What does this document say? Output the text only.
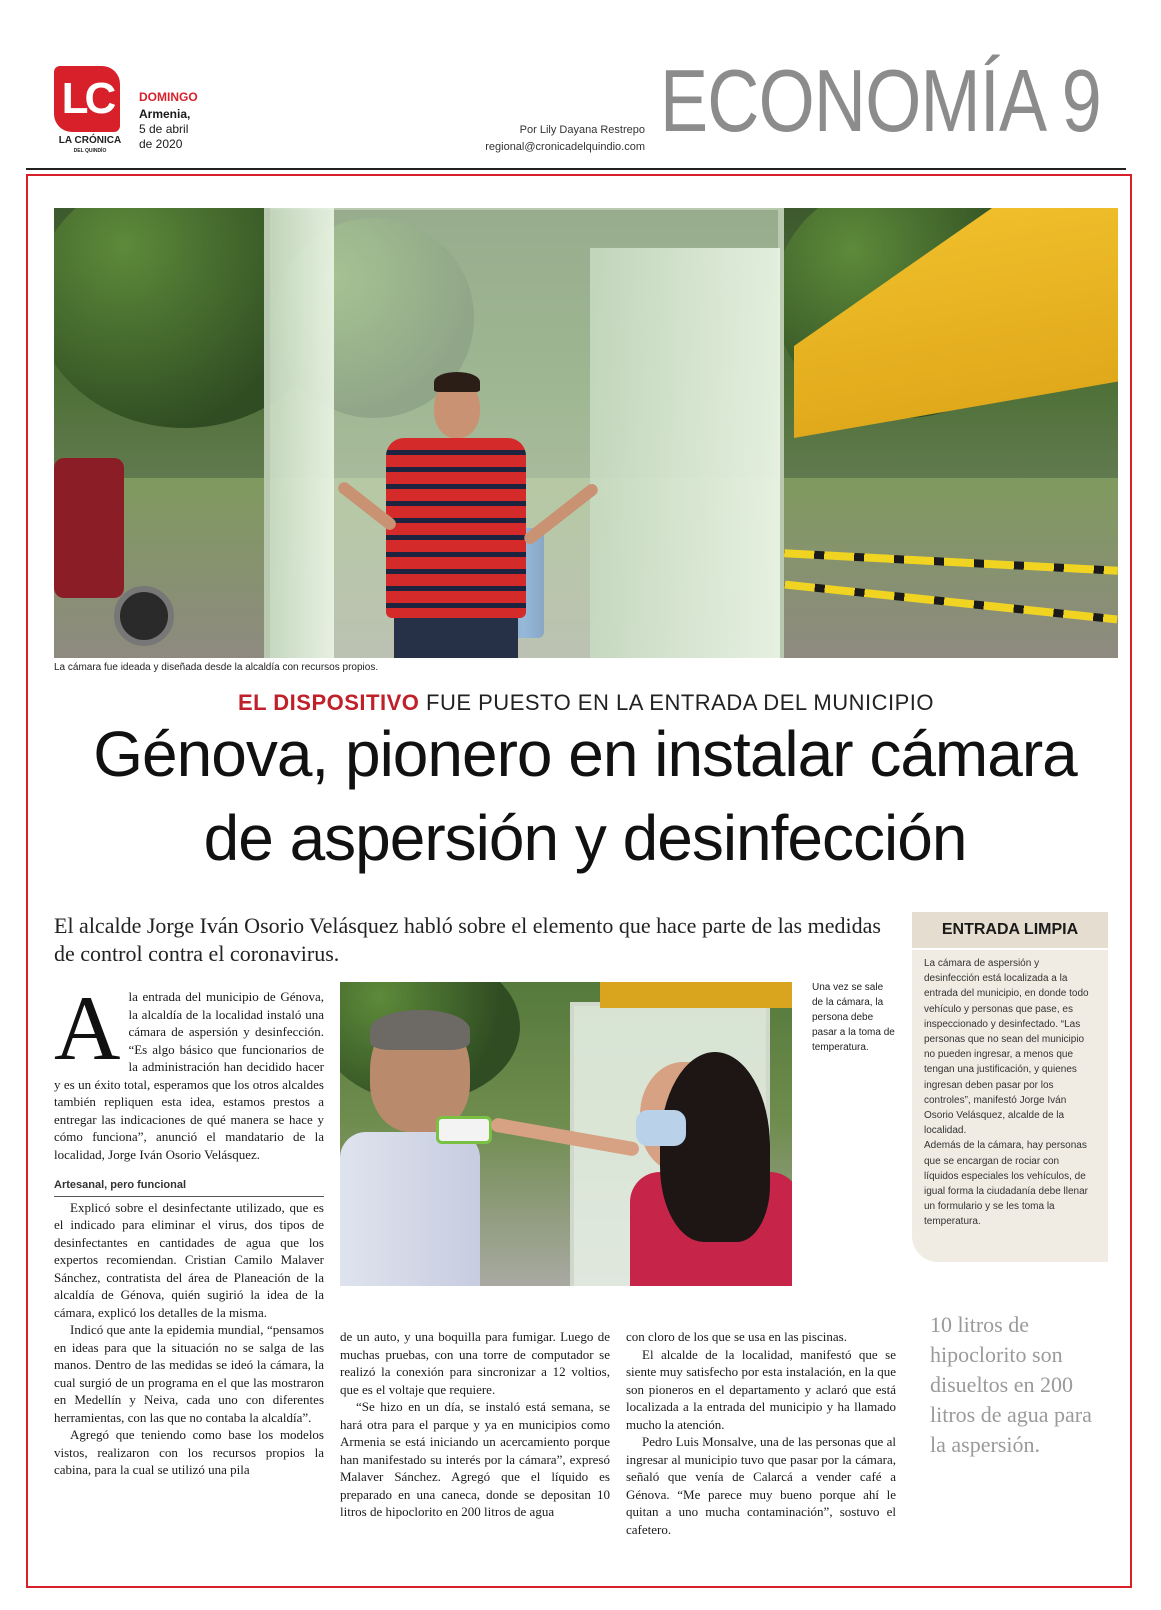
LC
LA CRÓNICA
DEL QUINDÍO
DOMINGO
Armenia,
5 de abril
de 2020
Por Lily Dayana Restrepo
regional@cronicadelquindio.com ECONOMÍA 9
La cámara fue ideada y diseñada desde la alcaldía con recursos propios.
EL DISPOSITIVO FUE PUESTO EN LA ENTRADA DEL MUNICIPIO
Génova, pionero en instalar cámara
de aspersión y desinfección
El alcalde Jorge Iván Osorio Velásquez habló sobre el elemento que hace parte de las medidas de control contra el coronavirus.
ENTRADA LIMPIA

La cámara de aspersión y desinfección está localizada a la entrada del municipio, en donde todo vehículo y personas que pase, es inspeccionado y desinfectado. “Las personas que no sean del municipio no pueden ingresar, a menos que tengan una justificación, y quienes ingresan deben pasar por los controles”, manifestó Jorge Iván Osorio Velásquez, alcalde de la localidad.

Además de la cámara, hay personas que se encargan de rociar con líquidos especiales los vehículos, de igual forma la ciudadanía debe llenar un formulario y se les toma la temperatura.

10 litros de hipoclorito son disueltos en 200 litros de agua para la aspersión.
Una vez se sale de la cámara, la persona debe pasar a la toma de temperatura.
A la entrada del municipio de Génova, la alcaldía de la localidad instaló una cámara de aspersión y desinfección. “Es algo básico que funcionarios de la administración han decidido hacer y es un éxito total, esperamos que los otros alcaldes también repliquen esta idea, estamos prestos a entregar las indicaciones de qué manera se hace y cómo funciona”, anunció el mandatario de la localidad, Jorge Iván Osorio Velásquez.

Artesanal, pero funcional

Explicó sobre el desinfectante utilizado, que es el indicado para eliminar el virus, dos tipos de desinfectantes en cantidades de agua que los expertos recomiendan. Cristian Camilo Malaver Sánchez, contratista del área de Planeación de la alcaldía de Génova, quién sugirió la idea de la cámara, explicó los detalles de la misma.

Indicó que ante la epidemia mundial, “pensamos en ideas para que la situación no se salga de las manos. Dentro de las medidas se ideó la cámara, la cual surgió de un programa en el que las mostraron en Medellín y Neiva, cada uno con diferentes herramientas, con las que no contaba la alcaldía”.

Agregó que teniendo como base los modelos vistos, realizaron con los recursos propios la cabina, para la cual se utilizó una pila

de un auto, y una boquilla para fumigar. Luego de muchas pruebas, con una torre de computador se realizó la conexión para sincronizar a 12 voltios, que es el voltaje que requiere.

“Se hizo en un día, se instaló está semana, se hará otra para el parque y ya en municipios como Armenia se está iniciando un acercamiento porque han manifestado su interés por la cámara”, expresó Malaver Sánchez. Agregó que el líquido es preparado en una caneca, donde se depositan 10 litros de hipoclorito en 200 litros de agua

con cloro de los que se usa en las piscinas.

El alcalde de la localidad, manifestó que se siente muy satisfecho por esta instalación, en la que son pioneros en el departamento y aclaró que está localizada a la entrada del municipio y ha llamado mucho la atención.

Pedro Luis Monsalve, una de las personas que al ingresar al municipio tuvo que pasar por la cámara, señaló que venía de Calarcá a vender café a Génova. “Me parece muy bueno porque ahí le quitan a uno mucha contaminación”, sostuvo el cafetero.
